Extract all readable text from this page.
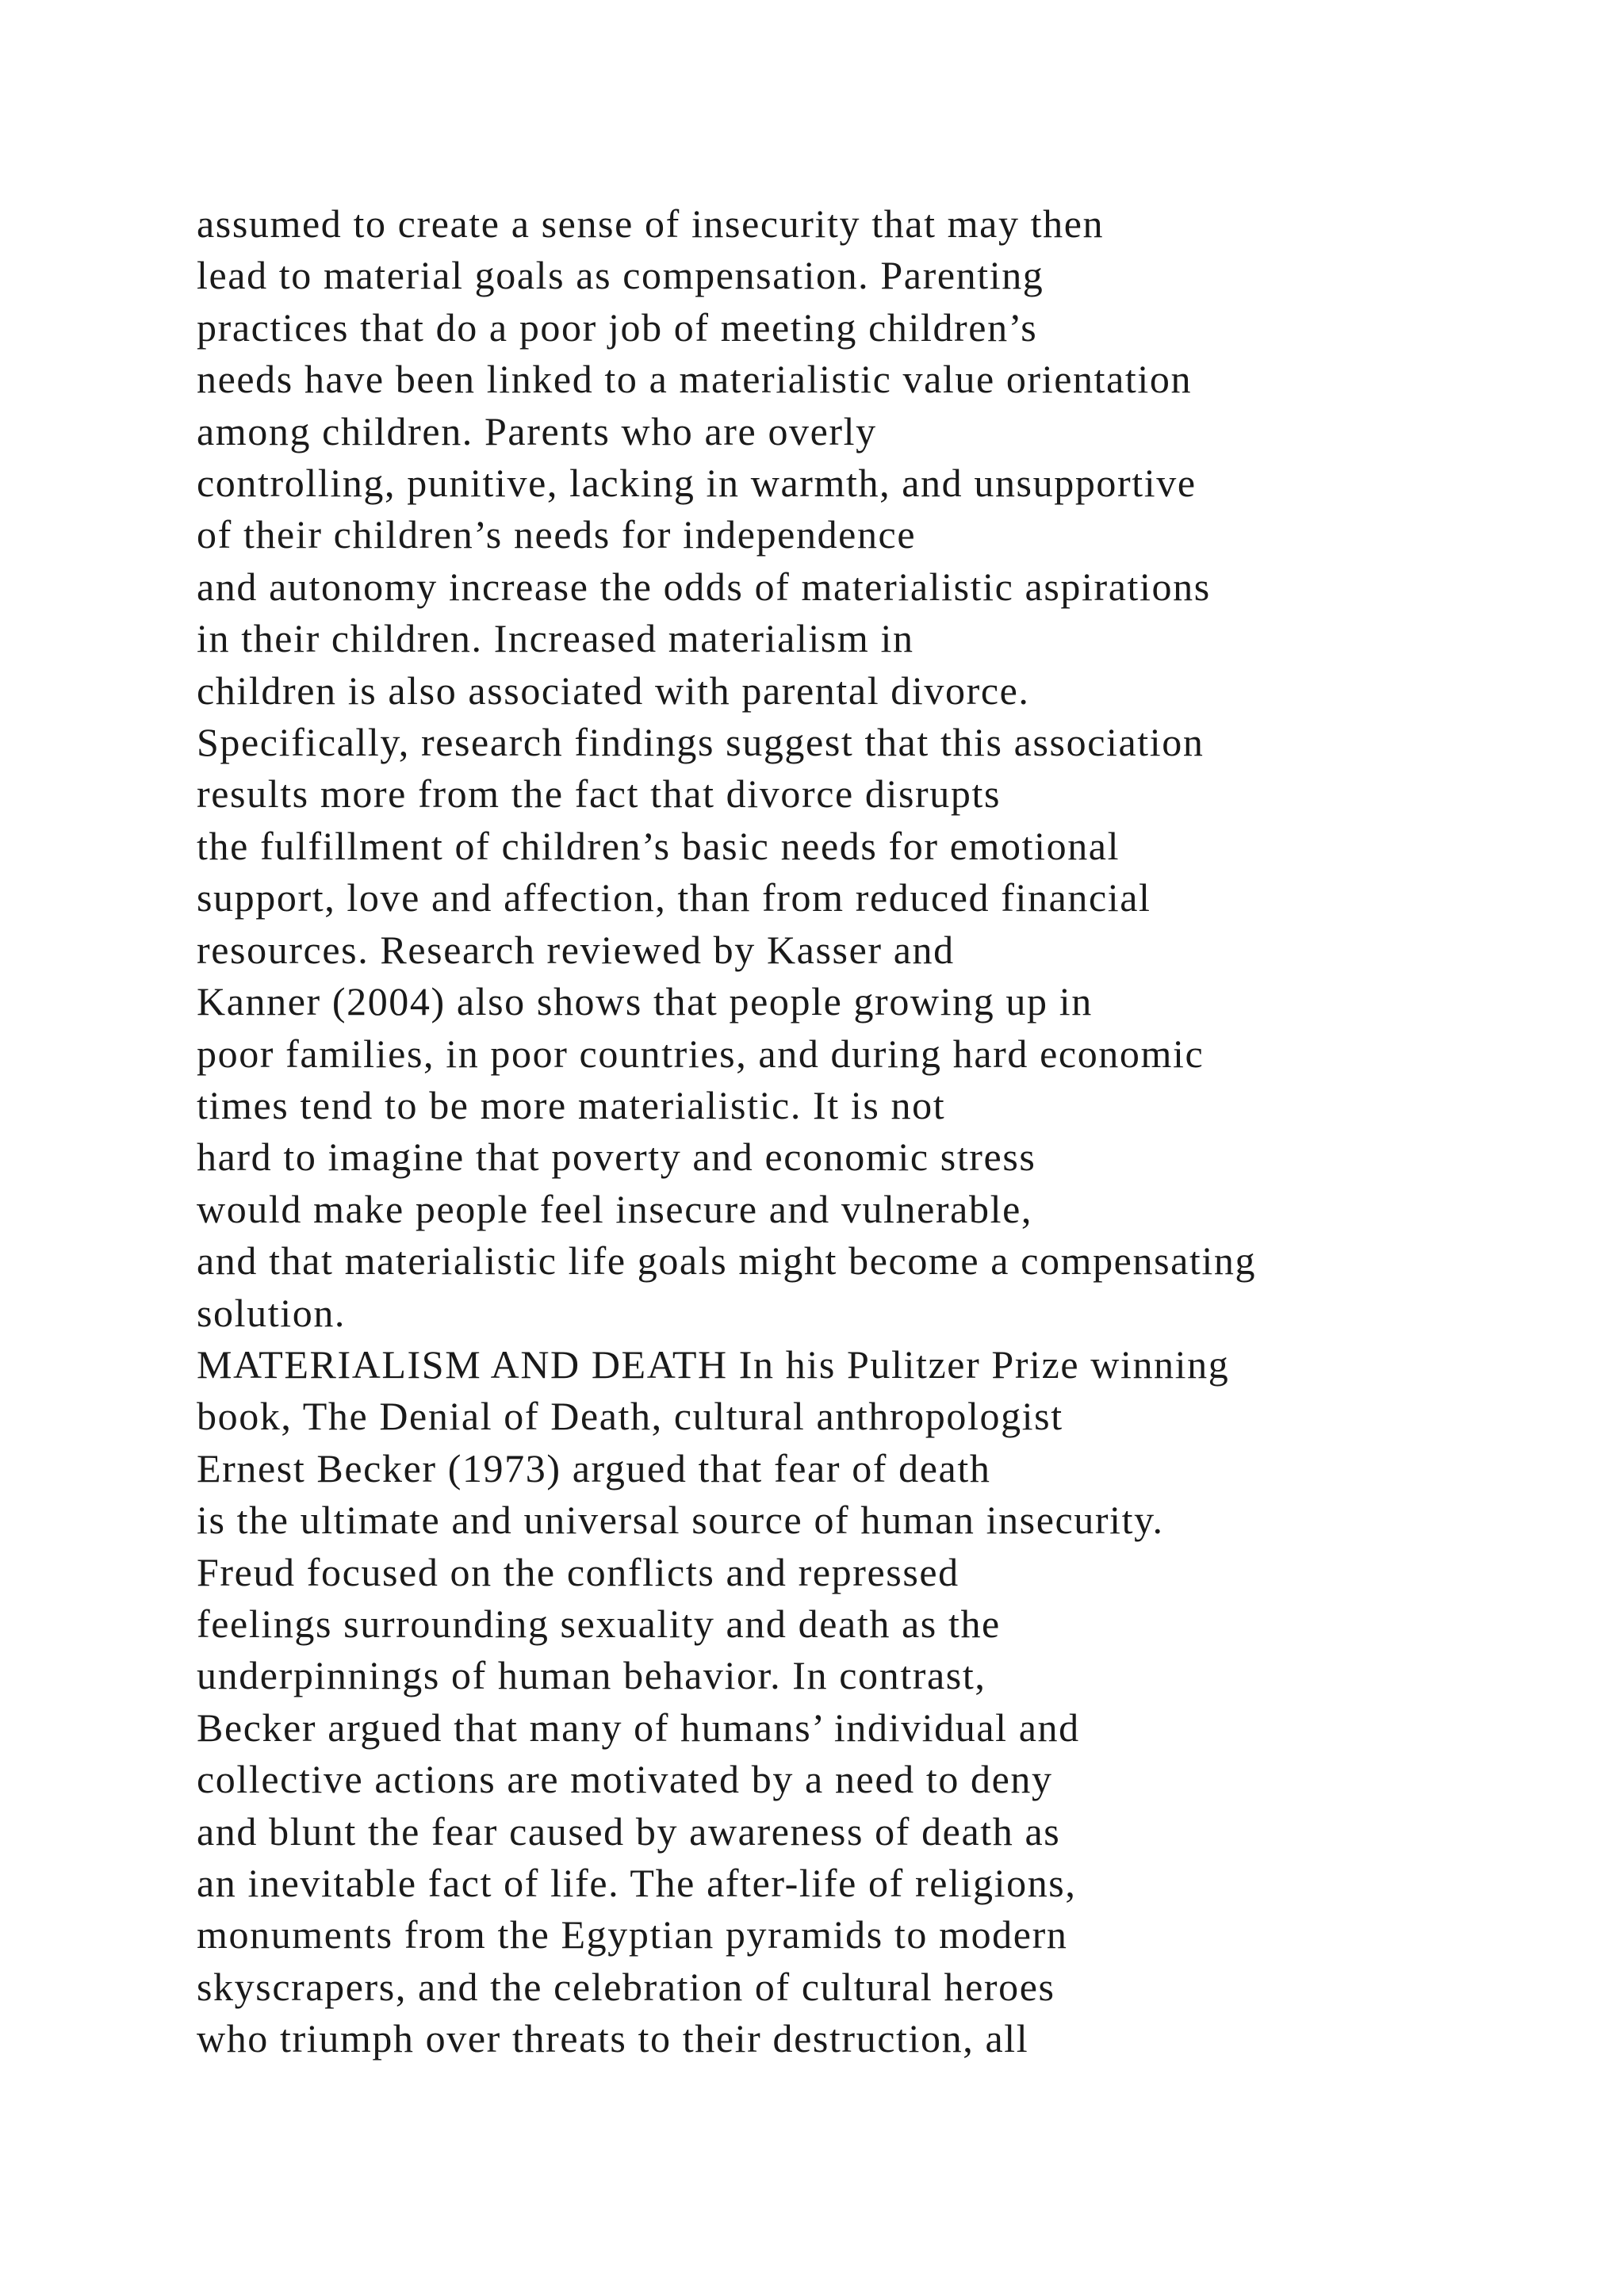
assumed to create a sense of insecurity that may then

lead to material goals as compensation. Parenting

practices that do a poor job of meeting children’s

needs have been linked to a materialistic value orientation

among children. Parents who are overly

controlling, punitive, lacking in warmth, and unsupportive

of their children’s needs for independence

and autonomy increase the odds of materialistic aspirations

in their children. Increased materialism in

children is also associated with parental divorce.

Specifically, research findings suggest that this association

results more from the fact that divorce disrupts

the fulfillment of children’s basic needs for emotional

support, love and affection, than from reduced financial

resources. Research reviewed by Kasser and

Kanner (2004) also shows that people growing up in

poor families, in poor countries, and during hard economic

times tend to be more materialistic. It is not

hard to imagine that poverty and economic stress

would make people feel insecure and vulnerable,

and that materialistic life goals might become a compensating

solution.

MATERIALISM AND DEATH In his Pulitzer Prize winning

book, The Denial of Death, cultural anthropologist

Ernest Becker (1973) argued that fear of death

is the ultimate and universal source of human insecurity.

Freud focused on the conflicts and repressed

feelings surrounding sexuality and death as the

underpinnings of human behavior. In contrast,

Becker argued that many of humans’ individual and

collective actions are motivated by a need to deny

and blunt the fear caused by awareness of death as

an inevitable fact of life. The after-life of religions,

monuments from the Egyptian pyramids to modern

skyscrapers, and the celebration of cultural heroes

who triumph over threats to their destruction, all
